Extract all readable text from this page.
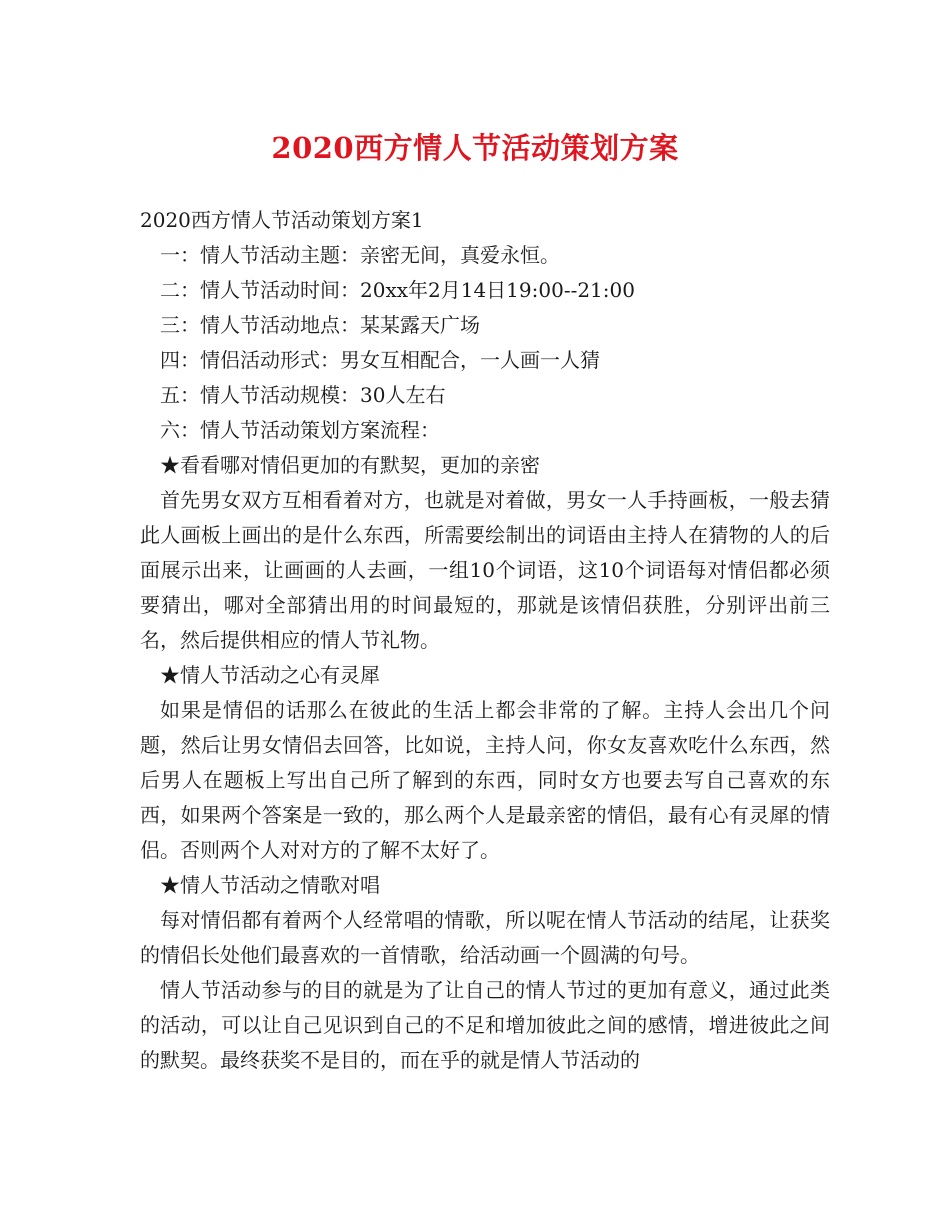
2020西方情人节活动策划方案

2020西方情人节活动策划方案1

一：情人节活动主题：亲密无间，真爱永恒。

二：情人节活动时间：20xx年2月14日19:00--21:00

三：情人节活动地点：某某露天广场

四：情侣活动形式：男女互相配合，一人画一人猜

五：情人节活动规模：30人左右

六：情人节活动策划方案流程：

★看看哪对情侣更加的有默契，更加的亲密

首先男女双方互相看着对方，也就是对着做，男女一人手持画板，一般去猜此人画板上画出的是什么东西，所需要绘制出的词语由主持人在猜物的人的后面展示出来，让画画的人去画，一组10个词语，这10个词语每对情侣都必须要猜出，哪对全部猜出用的时间最短的，那就是该情侣获胜，分别评出前三名，然后提供相应的情人节礼物。

★情人节活动之心有灵犀

如果是情侣的话那么在彼此的生活上都会非常的了解。主持人会出几个问题，然后让男女情侣去回答，比如说，主持人问，你女友喜欢吃什么东西，然后男人在题板上写出自己所了解到的东西，同时女方也要去写自己喜欢的东西，如果两个答案是一致的，那么两个人是最亲密的情侣，最有心有灵犀的情侣。否则两个人对对方的了解不太好了。

★情人节活动之情歌对唱

每对情侣都有着两个人经常唱的情歌，所以呢在情人节活动的结尾，让获奖的情侣长处他们最喜欢的一首情歌，给活动画一个圆满的句号。

情人节活动参与的目的就是为了让自己的情人节过的更加有意义，通过此类的活动，可以让自己见识到自己的不足和增加彼此之间的感情，增进彼此之间的默契。最终获奖不是目的，而在乎的就是情人节活动的
